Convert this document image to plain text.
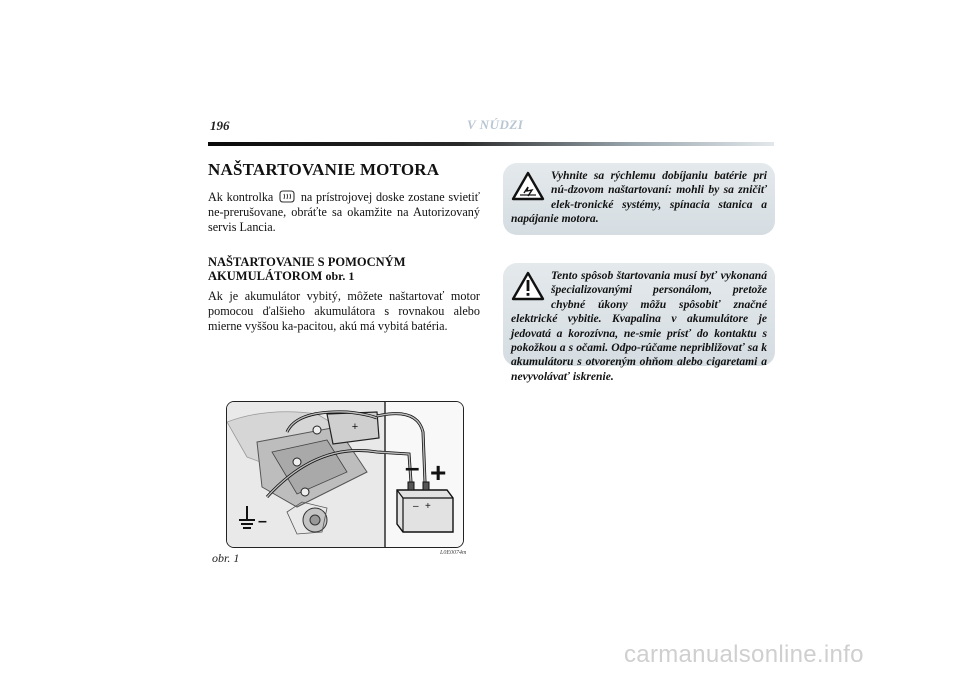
196	V NÚDZI
NAŠTARTOVANIE MOTORA

Ak kontrolka  na prístrojovej doske zostane svietiť ne-prerušovane, obráťte sa okamžite na Autorizovaný servis Lancia.

NAŠTARTOVANIE S POMOCNÝM
AKUMULÁTOROM obr. 1

Ak je akumulátor vybitý, môžete naštartovať motor pomocou ďalšieho akumulátora s rovnakou alebo mierne vyššou ka-pacitou, akú má vybitá batéria.

Vyhnite sa rýchlemu dobíjaniu batérie pri nú-dzovom naštartovaní: mohli by sa zničiť elek-tronické systémy, spínacia stanica a napájanie motora.

Tento spôsob štartovania musí byť vykonaná špecializovanými personálom, pretože chybné úkony môžu spôsobiť značné elektrické vybitie. Kvapalina v akumulátore je jedovatá a korozívna, ne-smie prísť do kontaktu s pokožkou a s očami. Odpo-rúčame nepribližovať sa k akumulátoru s otvoreným ohňom alebo cigaretami a nevyvolávať iskrenie.

+
–
– +
– +
obr. 1	L0E0074m
carmanualsonline.info
